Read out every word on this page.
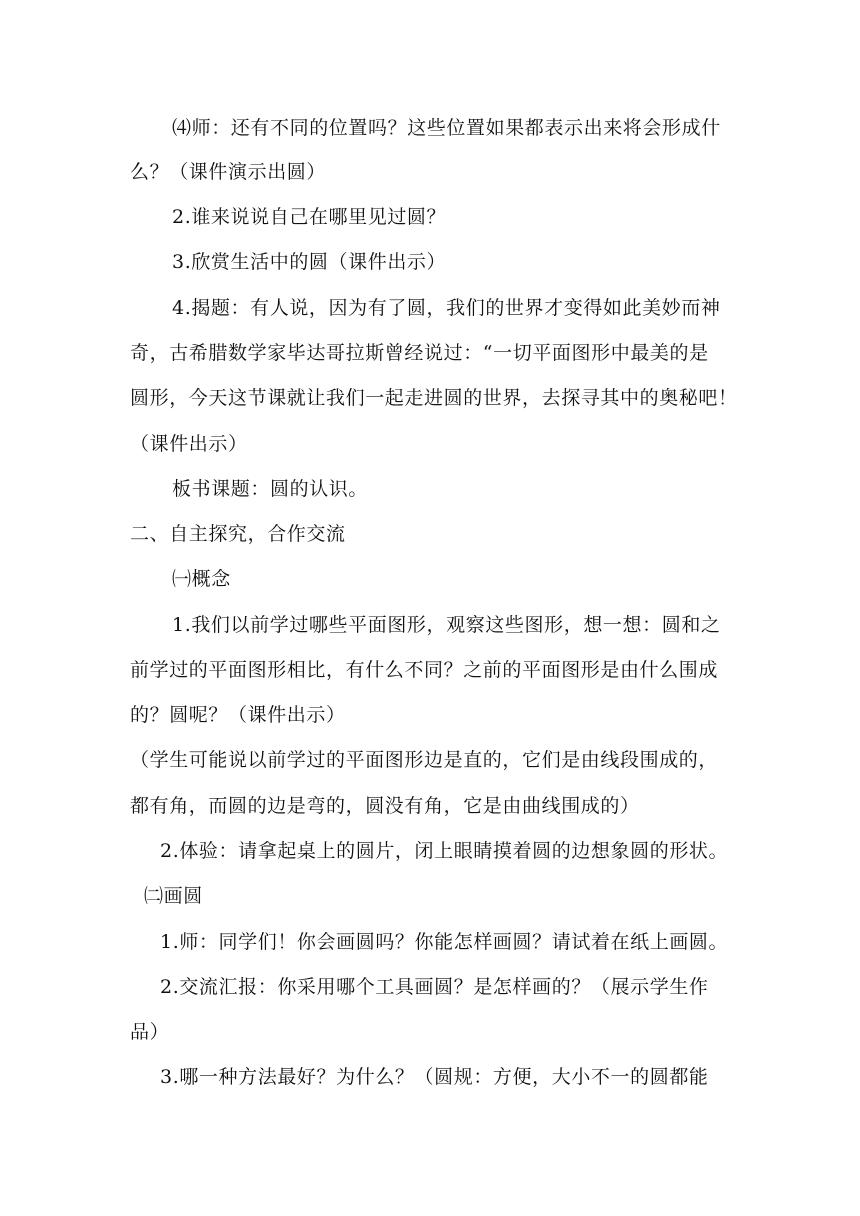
⑷师：还有不同的位置吗？这些位置如果都表示出来将会形成什
么？（课件演示出圆）
2.谁来说说自己在哪里见过圆？
3.欣赏生活中的圆（课件出示）
4.揭题：有人说，因为有了圆，我们的世界才变得如此美妙而神
奇，古希腊数学家毕达哥拉斯曾经说过：“一切平面图形中最美的是
圆形，今天这节课就让我们一起走进圆的世界，去探寻其中的奥秘吧！
（课件出示）
板书课题：圆的认识。
二、自主探究，合作交流
㈠概念
1.我们以前学过哪些平面图形，观察这些图形，想一想：圆和之
前学过的平面图形相比，有什么不同？之前的平面图形是由什么围成
的？圆呢？（课件出示）
（学生可能说以前学过的平面图形边是直的，它们是由线段围成的，
都有角，而圆的边是弯的，圆没有角，它是由曲线围成的）
2.体验：请拿起桌上的圆片，闭上眼睛摸着圆的边想象圆的形状。
㈡画圆
1.师：同学们！你会画圆吗？你能怎样画圆？请试着在纸上画圆。
2.交流汇报：你采用哪个工具画圆？是怎样画的？（展示学生作
品）
3.哪一种方法最好？为什么？（圆规：方便，大小不一的圆都能
